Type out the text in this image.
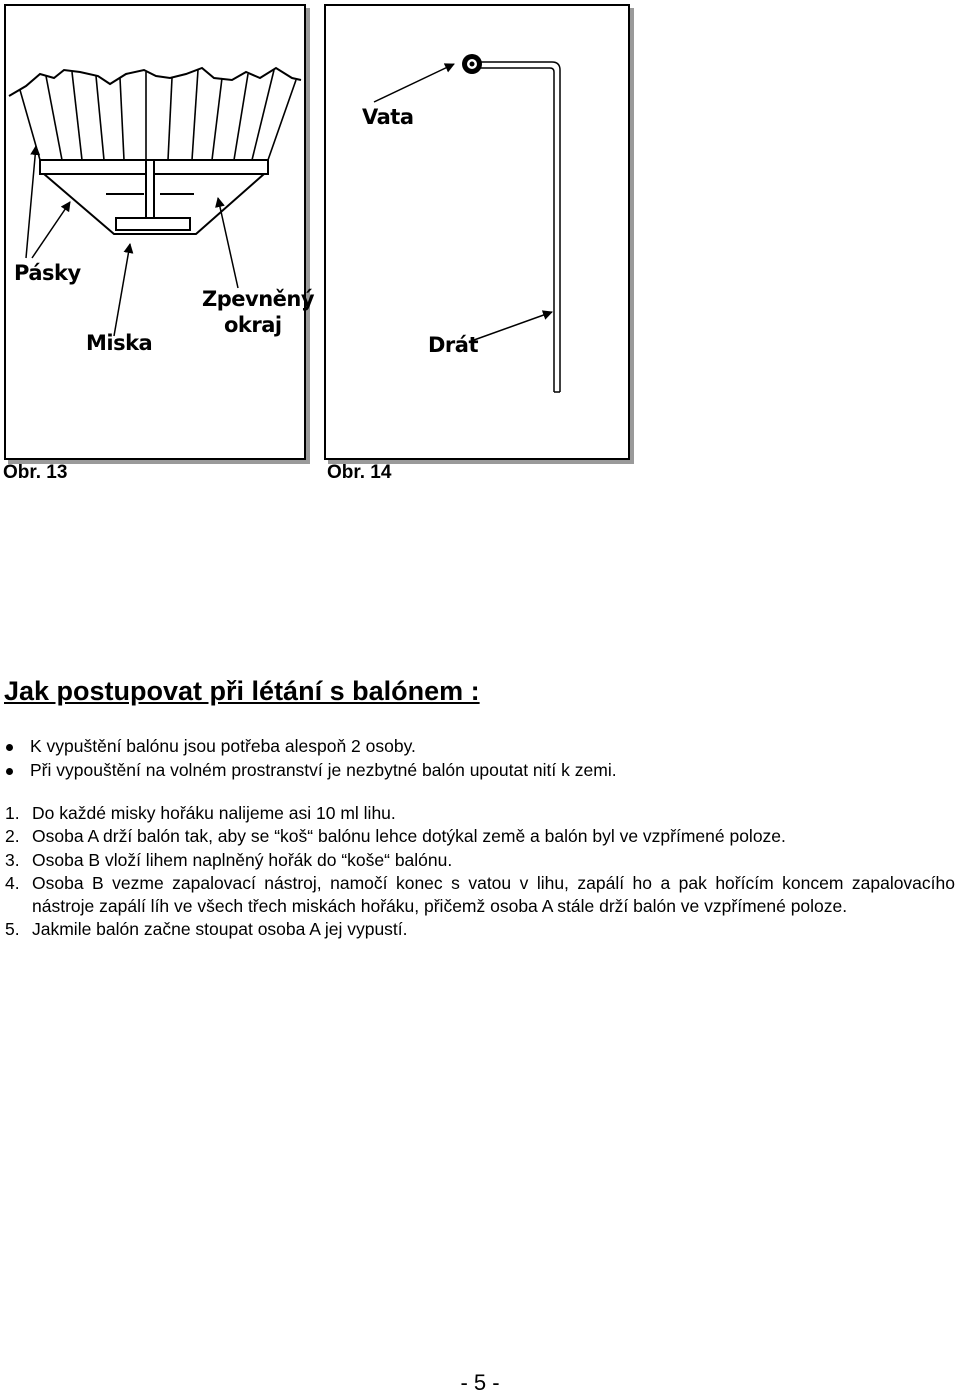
Pásky
Miska
Zpevněný
okraj
Vata
Drát
Obr. 13	Obr. 14
Jak postupovat při létání s balónem :
K vypuštění balónu jsou potřeba alespoň 2 osoby.
Při vypouštění na volném prostranství je nezbytné balón upoutat nití k zemi.
1. Do každé misky hořáku nalijeme asi 10 ml lihu.
2. Osoba A drží balón tak, aby se “koš“ balónu lehce dotýkal země a balón byl ve vzpřímené poloze.
3. Osoba B vloží lihem naplněný hořák do “koše“ balónu.
4. Osoba B vezme zapalovací nástroj, namočí konec s vatou v lihu, zapálí ho a pak hořícím koncem zapalovacího nástroje zapálí líh ve všech třech miskách hořáku, přičemž osoba A stále drží balón ve vzpřímené poloze.
5. Jakmile balón začne stoupat osoba A jej vypustí.
- 5 -
